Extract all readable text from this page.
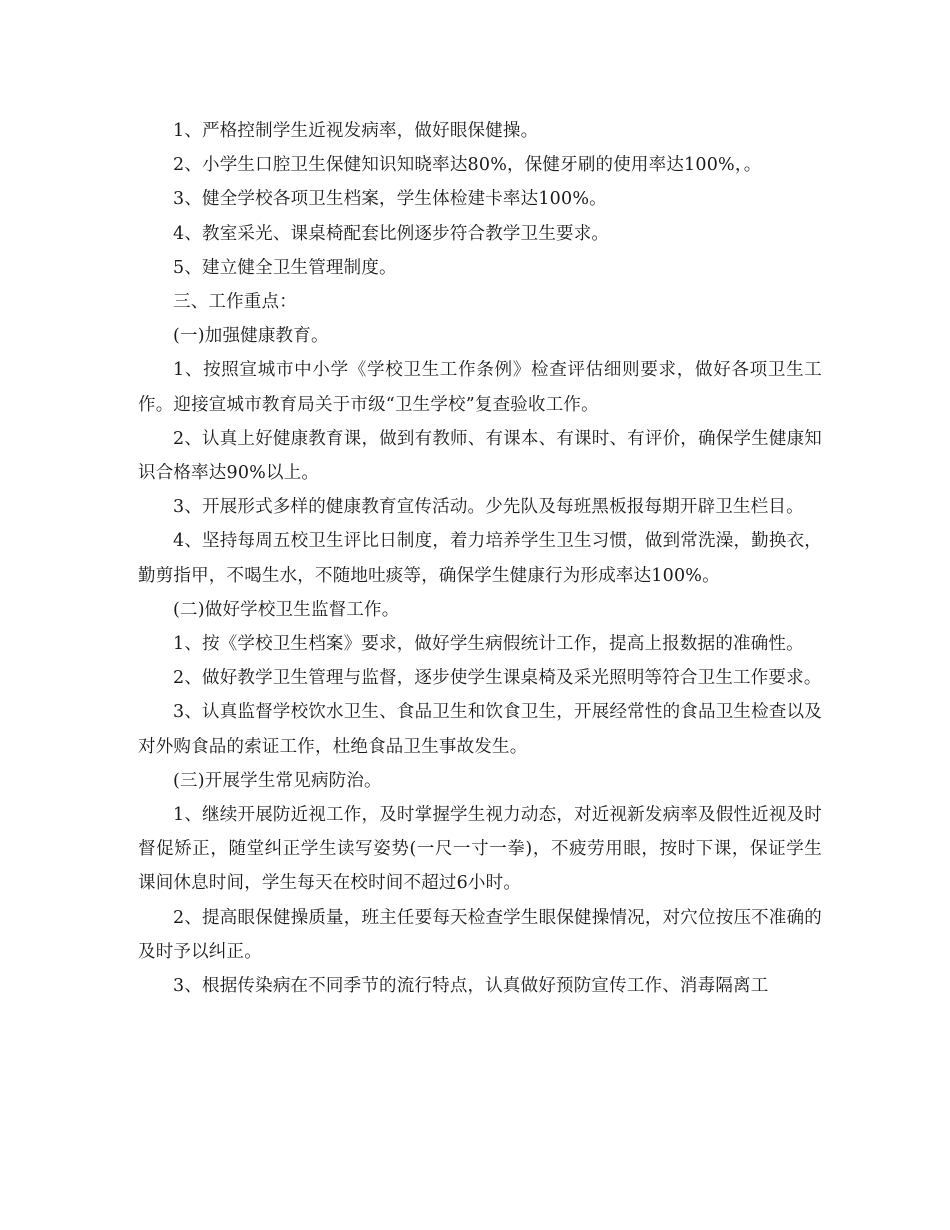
1、严格控制学生近视发病率，做好眼保健操。

2、小学生口腔卫生保健知识知晓率达80%，保健牙刷的使用率达100%，。

3、健全学校各项卫生档案，学生体检建卡率达100%。

4、教室采光、课桌椅配套比例逐步符合教学卫生要求。

5、建立健全卫生管理制度。

三、工作重点：

(一)加强健康教育。

1、按照宣城市中小学《学校卫生工作条例》检查评估细则要求，做好各项卫生工作。迎接宣城市教育局关于市级“卫生学校”复查验收工作。

2、认真上好健康教育课，做到有教师、有课本、有课时、有评价，确保学生健康知识合格率达90%以上。

3、开展形式多样的健康教育宣传活动。少先队及每班黑板报每期开辟卫生栏目。

4、坚持每周五校卫生评比日制度，着力培养学生卫生习惯，做到常洗澡，勤换衣，勤剪指甲，不喝生水，不随地吐痰等，确保学生健康行为形成率达100%。

(二)做好学校卫生监督工作。

1、按《学校卫生档案》要求，做好学生病假统计工作，提高上报数据的准确性。

2、做好教学卫生管理与监督，逐步使学生课桌椅及采光照明等符合卫生工作要求。

3、认真监督学校饮水卫生、食品卫生和饮食卫生，开展经常性的食品卫生检查以及对外购食品的索证工作，杜绝食品卫生事故发生。

(三)开展学生常见病防治。

1、继续开展防近视工作，及时掌握学生视力动态，对近视新发病率及假性近视及时督促矫正，随堂纠正学生读写姿势(一尺一寸一拳)，不疲劳用眼，按时下课，保证学生课间休息时间，学生每天在校时间不超过6小时。

2、提高眼保健操质量，班主任要每天检查学生眼保健操情况，对穴位按压不准确的及时予以纠正。

3、根据传染病在不同季节的流行特点，认真做好预防宣传工作、消毒隔离工
